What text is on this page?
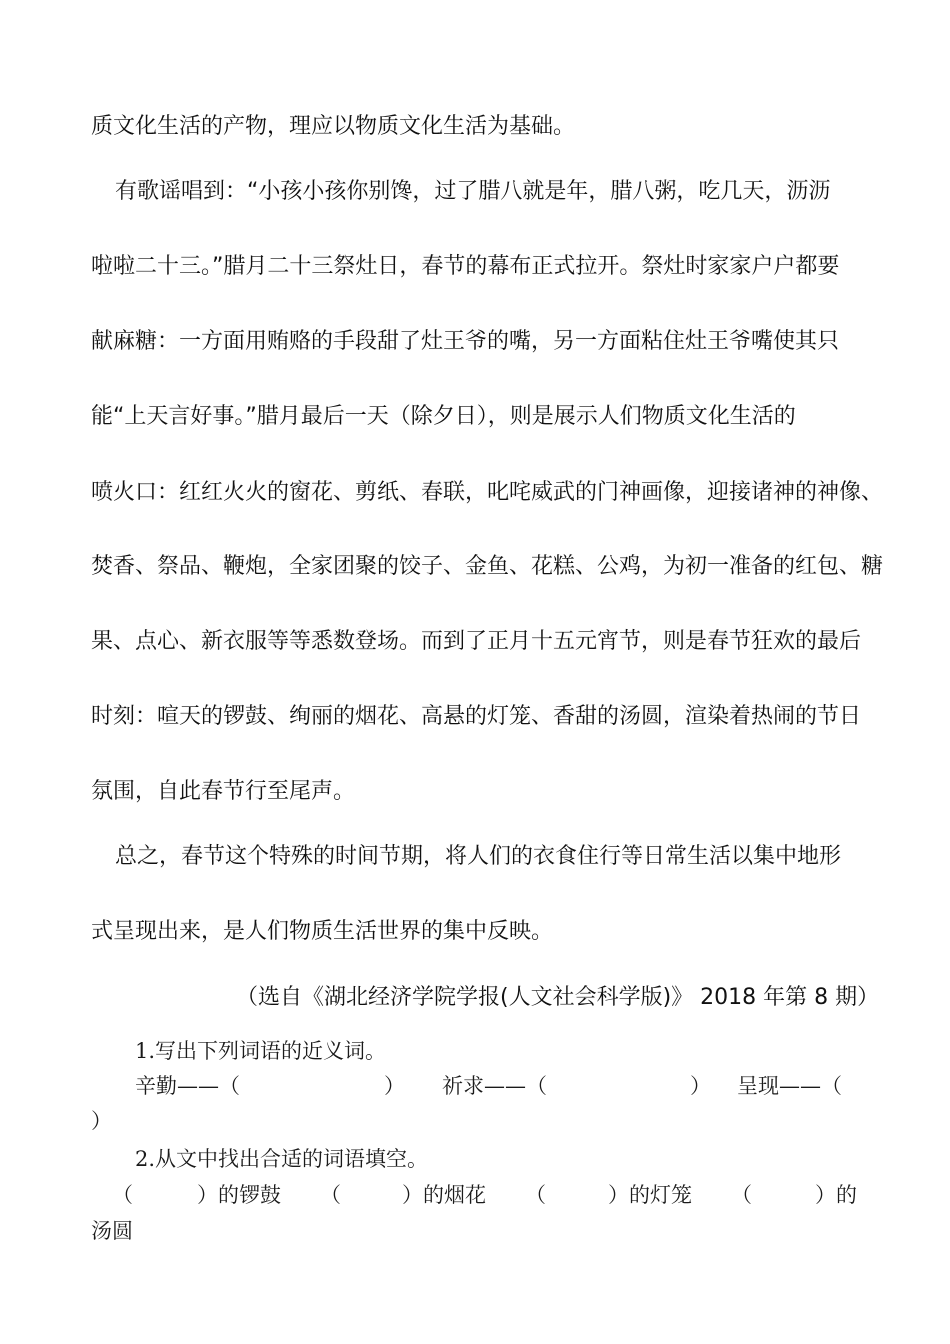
质文化生活的产物，理应以物质文化生活为基础。
有歌谣唱到：“小孩小孩你别馋，过了腊八就是年，腊八粥，吃几天，沥沥
啦啦二十三。”腊月二十三祭灶日，春节的幕布正式拉开。祭灶时家家户户都要
献麻糖：一方面用贿赂的手段甜了灶王爷的嘴，另一方面粘住灶王爷嘴使其只
能“上天言好事。”腊月最后一天（除夕日），则是展示人们物质文化生活的
喷火口：红红火火的窗花、剪纸、春联，叱咤威武的门神画像，迎接诸神的神像、
焚香、祭品、鞭炮，全家团聚的饺子、金鱼、花糕、公鸡，为初一准备的红包、糖
果、点心、新衣服等等悉数登场。而到了正月十五元宵节，则是春节狂欢的最后
时刻：喧天的锣鼓、绚丽的烟花、高悬的灯笼、香甜的汤圆，渲染着热闹的节日
氛围，自此春节行至尾声。
总之，春节这个特殊的时间节期，将人们的衣食住行等日常生活以集中地形
式呈现出来，是人们物质生活世界的集中反映。
（选自《湖北经济学院学报(人文社会科学版)》 2018 年第 8 期）
1.写出下列词语的近义词。
辛勤——（	） 祈求——（	） 呈现——（
）
2.从文中找出合适的词语填空。
（	）的锣鼓 （	）的烟花 （	）的灯笼 （	）的
汤圆
